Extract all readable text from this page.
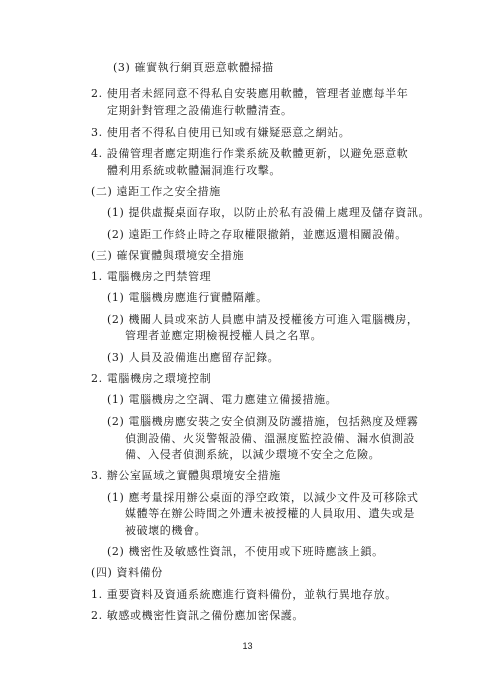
(3) 確實執行網頁惡意軟體掃描
2. 使用者未經同意不得私自安裝應用軟體，管理者並應每半年
定期針對管理之設備進行軟體清查。
3. 使用者不得私自使用已知或有嫌疑惡意之網站。
4. 設備管理者應定期進行作業系統及軟體更新，以避免惡意軟
體利用系統或軟體漏洞進行攻擊。
(二) 遠距工作之安全措施
(1) 提供虛擬桌面存取，以防止於私有設備上處理及儲存資訊。
(2) 遠距工作終止時之存取權限撤銷，並應返還相關設備。
(三) 確保實體與環境安全措施
1. 電腦機房之門禁管理
(1) 電腦機房應進行實體隔離。
(2) 機關人員或來訪人員應申請及授權後方可進入電腦機房，
管理者並應定期檢視授權人員之名單。
(3) 人員及設備進出應留存記錄。
2. 電腦機房之環境控制
(1) 電腦機房之空調、電力應建立備援措施。
(2) 電腦機房應安裝之安全偵測及防護措施，包括熱度及煙霧
偵測設備、火災警報設備、溫濕度監控設備、漏水偵測設
備、入侵者偵測系統，以減少環境不安全之危險。
3. 辦公室區域之實體與環境安全措施
(1) 應考量採用辦公桌面的淨空政策，以減少文件及可移除式
媒體等在辦公時間之外遭未被授權的人員取用、遺失或是
被破壞的機會。
(2) 機密性及敏感性資訊，不使用或下班時應該上鎖。
(四) 資料備份
1. 重要資料及資通系統應進行資料備份，並執行異地存放。
2. 敏感或機密性資訊之備份應加密保護。
13
